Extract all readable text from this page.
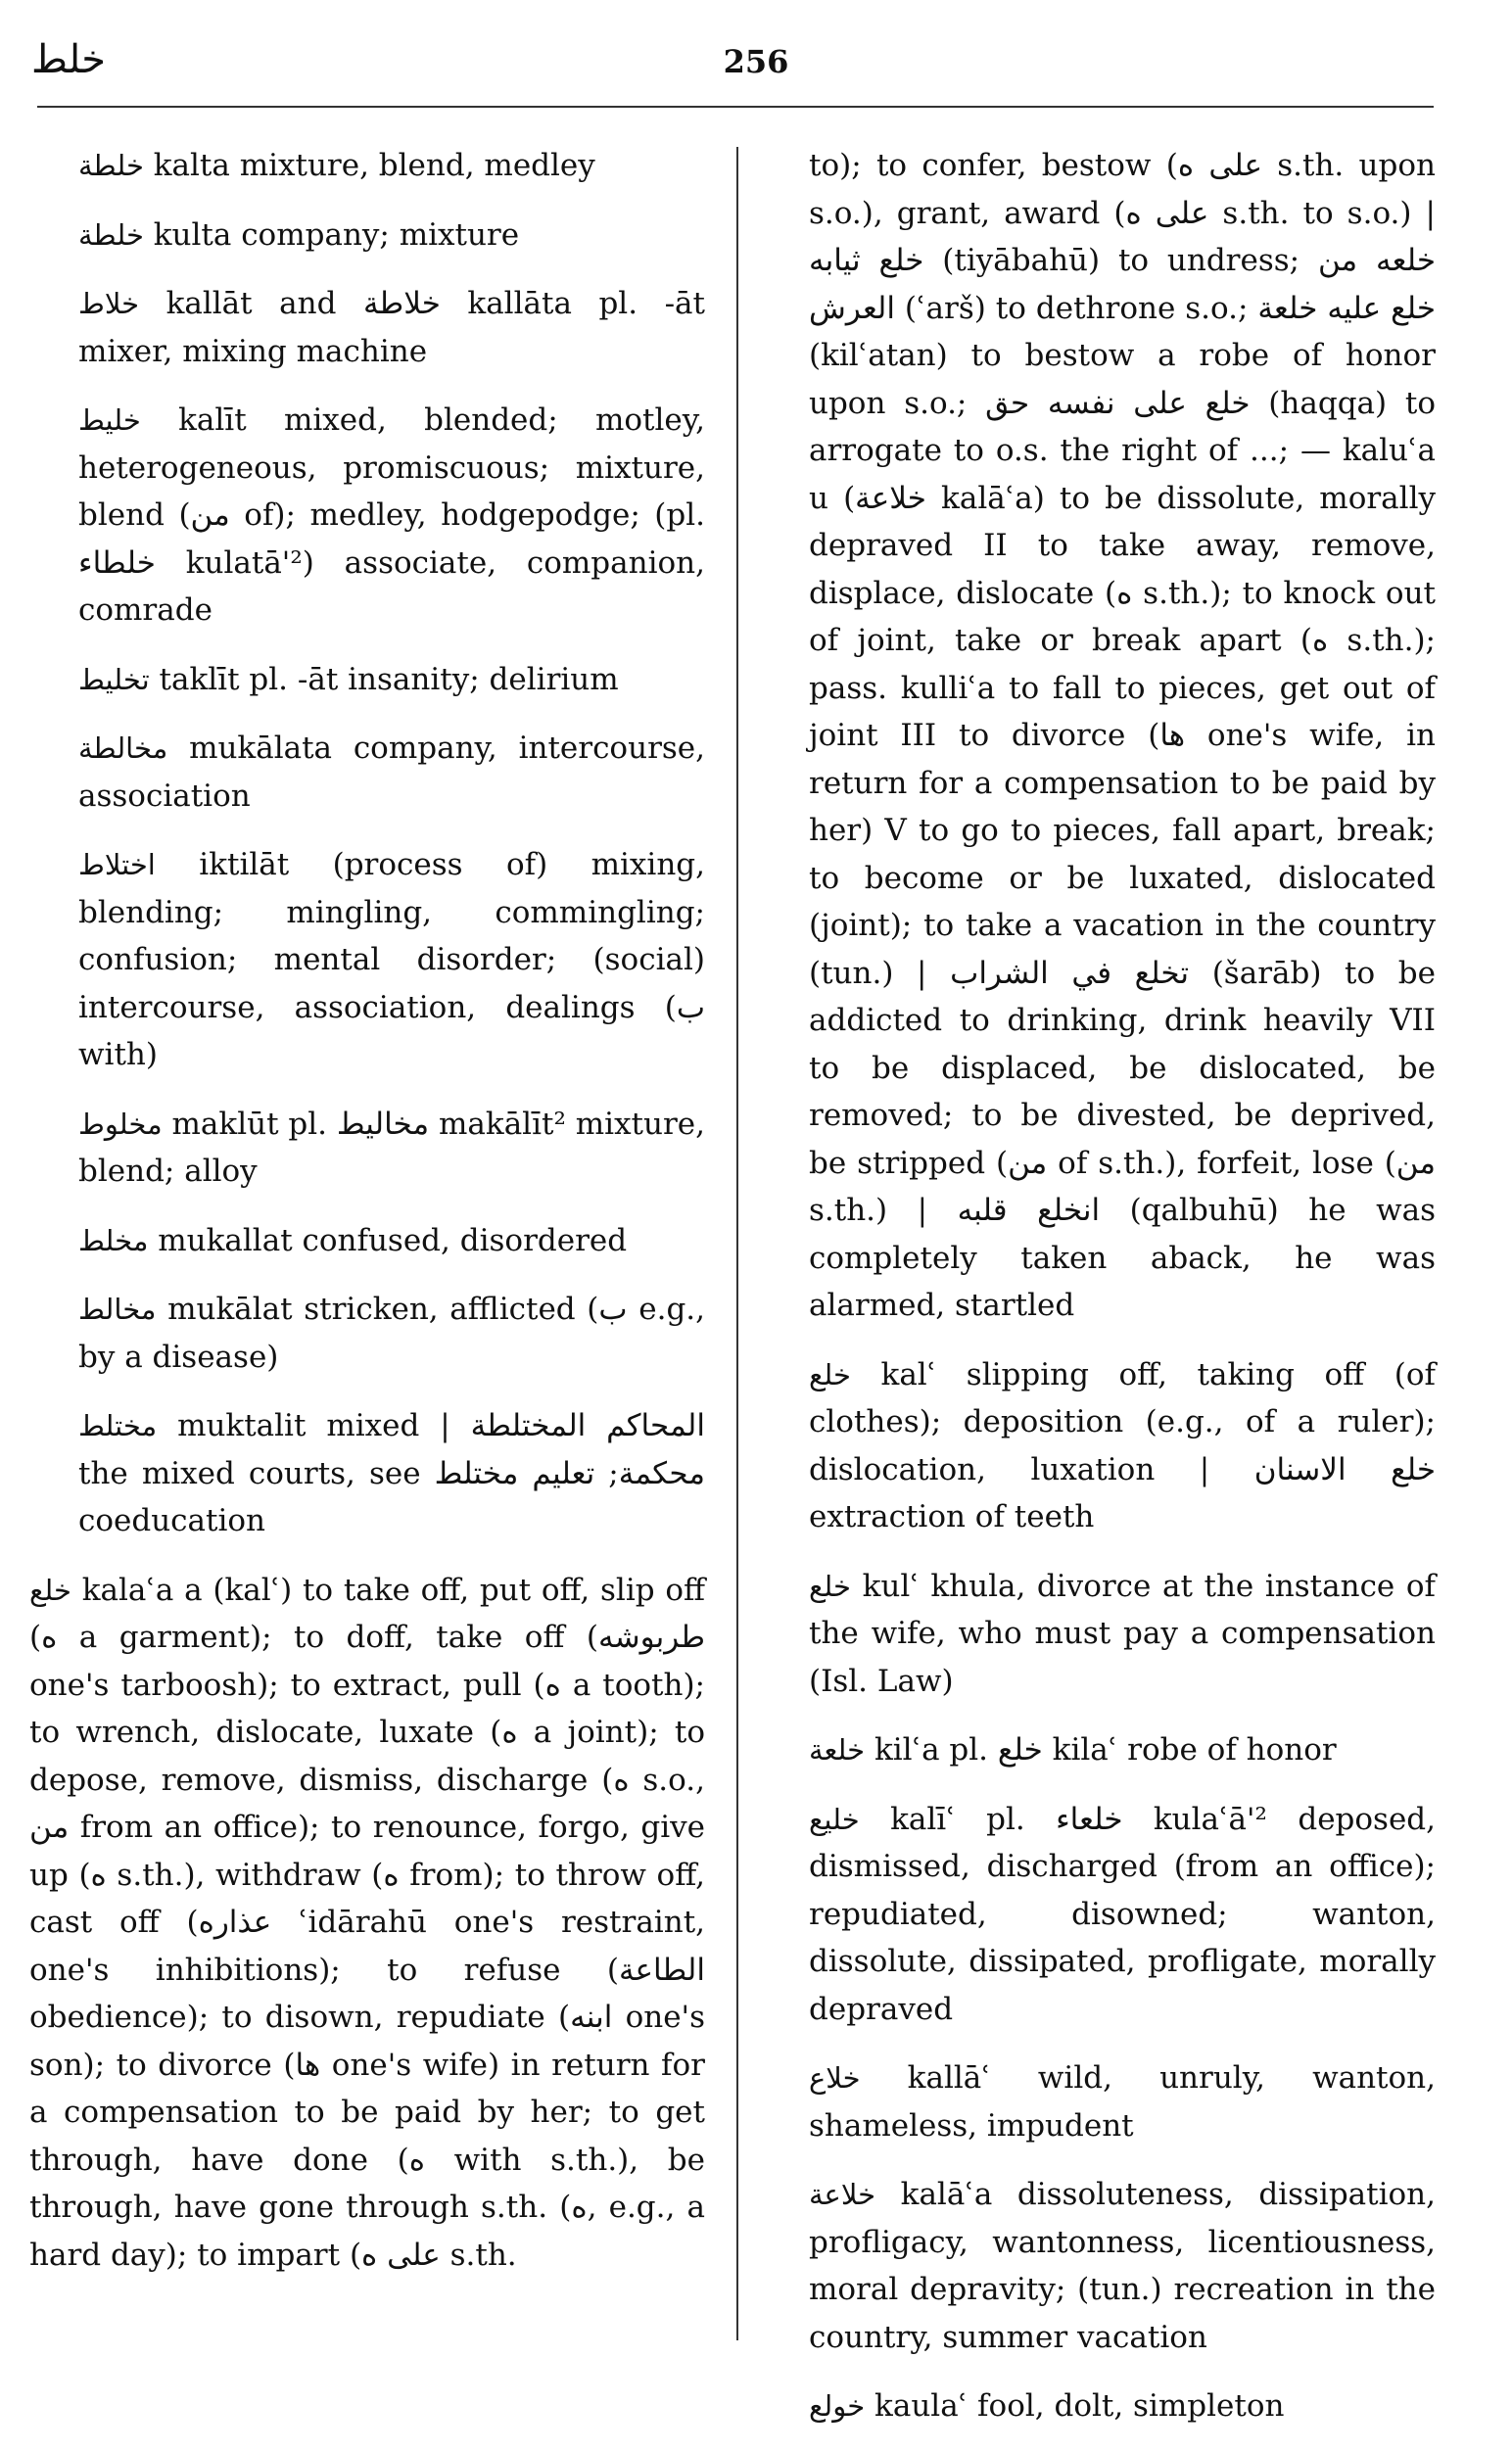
خلط	256

خلطة kalta mixture, blend, medley

خلطة kulta company; mixture

خلاط kallāt and خلاطة kallāta pl. -āt mixer, mixing machine

خليط kalīt mixed, blended; motley, heterogeneous, promiscuous; mixture, blend (من of); medley, hodgepodge; (pl. خلطاء kulatā'²) associate, companion, comrade

تخليط taklīt pl. -āt insanity; delirium

مخالطة mukālata company, intercourse, association

اختلاط iktilāt (process of) mixing, blending; mingling, commingling; confusion; mental disorder; (social) intercourse, association, dealings (ب with)

مخلوط maklūt pl. مخاليط makālīt² mixture, blend; alloy

مخلط mukallat confused, disordered

مخالط mukālat stricken, afflicted (ب e.g., by a disease)

مختلط muktalit mixed | المحاكم المختلطة the mixed courts, see محكمة; تعليم مختلط coeducation

خلع kalaʿa a (kalʿ) to take off, put off, slip off (ه a garment); to doff, take off (طربوشه one's tarboosh); to extract, pull (ه a tooth); to wrench, dislocate, luxate (ه a joint); to depose, remove, dismiss, discharge (ه s.o., من from an office); to renounce, forgo, give up (ه s.th.), withdraw (ه from); to throw off, cast off (عذاره ʿidārahū one's restraint, one's inhibitions); to refuse (الطاعة obedience); to disown, repudiate (ابنه one's son); to divorce (ها one's wife) in return for a compensation to be paid by her; to get through, have done (ه with s.th.), be through, have gone through s.th. (ه, e.g., a hard day); to impart (على ه s.th.

to); to confer, bestow (على ه s.th. upon s.o.), grant, award (على ه s.th. to s.o.) | خلع ثيابه (tiyābahū) to undress; خلعه من العرش (ʿarš) to dethrone s.o.; خلع عليه خلعة (kilʿatan) to bestow a robe of honor upon s.o.; خلع على نفسه حق (haqqa) to arrogate to o.s. the right of ...; — kaluʿa u (خلاعة kalāʿa) to be dissolute, morally depraved II to take away, remove, displace, dislocate (ه s.th.); to knock out of joint, take or break apart (ه s.th.); pass. kulliʿa to fall to pieces, get out of joint III to divorce (ها one's wife, in return for a compensation to be paid by her) V to go to pieces, fall apart, break; to become or be luxated, dislocated (joint); to take a vacation in the country (tun.) | تخلع في الشراب (šarāb) to be addicted to drinking, drink heavily VII to be displaced, be dislocated, be removed; to be divested, be deprived, be stripped (من of s.th.), forfeit, lose (من s.th.) | انخلع قلبه (qalbuhū) he was completely taken aback, he was alarmed, startled

خلع kalʿ slipping off, taking off (of clothes); deposition (e.g., of a ruler); dislocation, luxation | خلع الاسنان extraction of teeth

خلع kulʿ khula, divorce at the instance of the wife, who must pay a compensation (Isl. Law)

خلعة kilʿa pl. خلع kilaʿ robe of honor

خليع kalīʿ pl. خلعاء kulaʿā'² deposed, dismissed, discharged (from an office); repudiated, disowned; wanton, dissolute, dissipated, profligate, morally depraved

خلاع kallāʿ wild, unruly, wanton, shameless, impudent

خلاعة kalāʿa dissoluteness, dissipation, profligacy, wantonness, licentiousness, moral depravity; (tun.) recreation in the country, summer vacation

خولع kaulaʿ fool, dolt, simpleton
